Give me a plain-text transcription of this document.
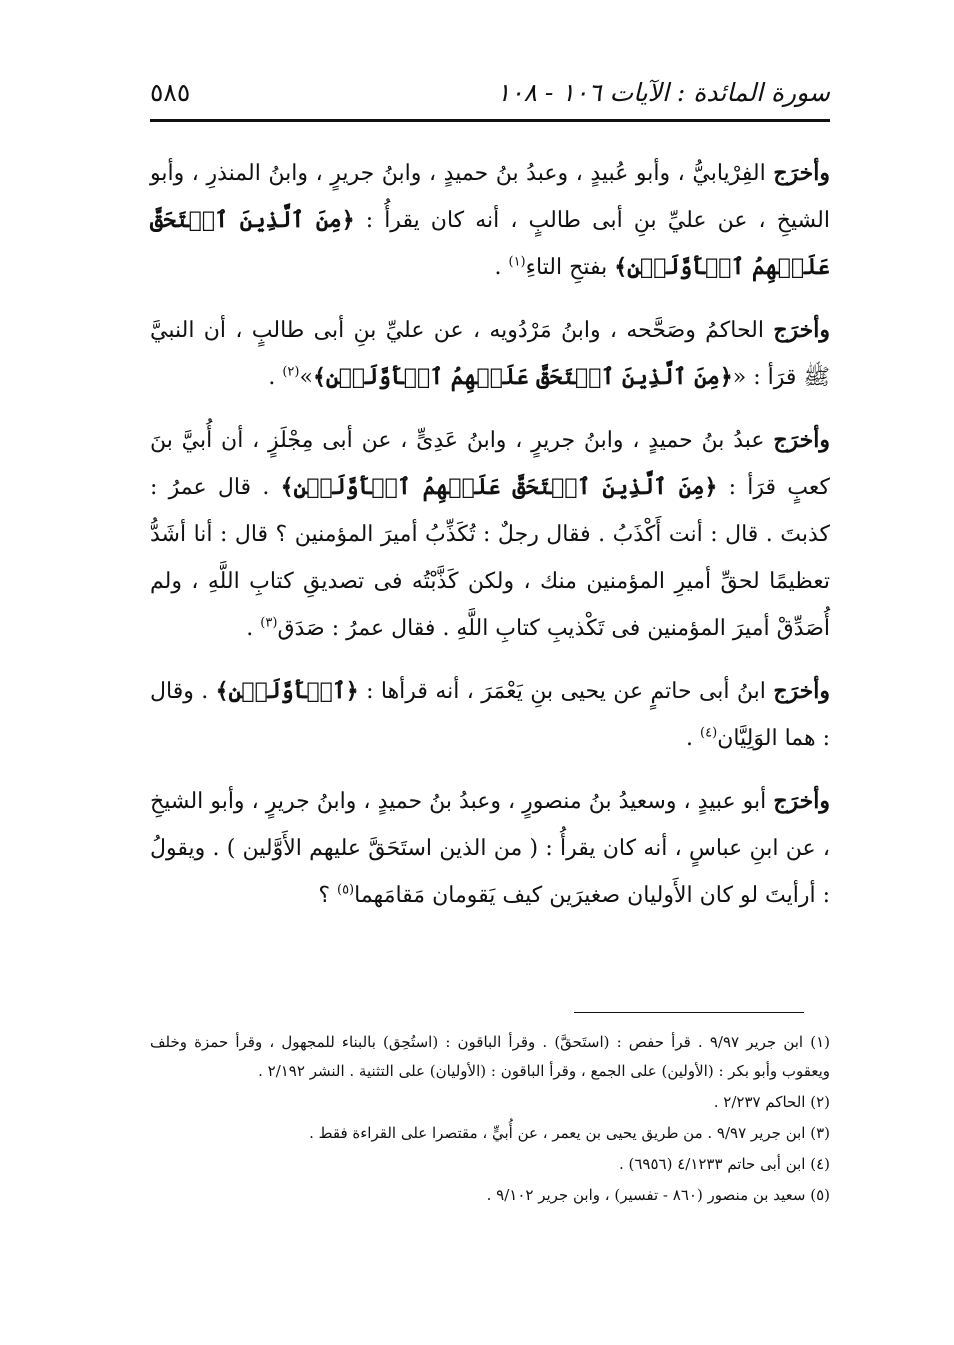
سورة المائدة : الآيات ١٠٦ - ١٠٨
٥٨٥

وأخرَج الفِرْيابيُّ ، وأبو عُبيدٍ ، وعبدُ بنُ حميدٍ ، وابنُ جريرٍ ، وابنُ المنذرِ ، وأبو الشيخِ ، عن عليِّ بنِ أبى طالبٍ ، أنه كان يقرأُ : ﴿مِنَ ٱلَّذِينَ ٱسۡتَحَقَّ عَلَيۡهِمُ ٱلۡأَوَّلَيۡنِ﴾ بفتحِ التاءِ$^{(١)}$ .

وأخرَج الحاكمُ وصَحَّحه ، وابنُ مَرْدُويه ، عن عليِّ بنِ أبى طالبٍ ، أن النبيَّ ﷺ قرَأ : «﴿مِنَ ٱلَّذِينَ ٱسۡتَحَقَّ عَلَيۡهِمُ ٱلۡأَوَّلَيۡنِ﴾»$^{(٢)}$ .

وأخرَج عبدُ بنُ حميدٍ ، وابنُ جريرٍ ، وابنُ عَدِىٍّ ، عن أبى مِجْلَزٍ ، أن أُبيَّ بنَ كعبٍ قرَأ : ﴿مِنَ ٱلَّذِينَ ٱسۡتَحَقَّ عَلَيۡهِمُ ٱلۡأَوَّلَيۡنِ﴾ . قال عمرُ : كذبتَ . قال : أنت أَكْذَبُ . فقال رجلٌ : تُكَذِّبُ أميرَ المؤمنين ؟ قال : أنا أشَدُّ تعظيمًا لحقِّ أميرِ المؤمنين منك ، ولكن كَذَّبْتُه فى تصديقِ كتابِ اللَّهِ ، ولم أُصَدِّقْ أميرَ المؤمنين فى تَكْذيبِ كتابِ اللَّهِ . فقال عمرُ : صَدَق$^{(٣)}$ .

وأخرَج ابنُ أبى حاتمٍ عن يحيى بنِ يَعْمَرَ ، أنه قرأها : ﴿ٱلۡأَوَّلَيۡنِ﴾ . وقال : هما الوَلِيَّان$^{(٤)}$ .

وأخرَج أبو عبيدٍ ، وسعيدُ بنُ منصورٍ ، وعبدُ بنُ حميدٍ ، وابنُ جريرٍ ، وأبو الشيخِ ، عن ابنِ عباسٍ ، أنه كان يقرأُ : ( من الذين استَحَقَّ عليهم الأَوَّلين ) . ويقولُ : أرأيتَ لو كان الأَوليان صغيرَين كيف يَقومان مَقامَهما$^{(٥)}$ ؟

(١) ابن جرير ٩/٩٧ . قرأ حفص : (استَحقَّ) . وقرأ الباقون : (استُحِق) بالبناء للمجهول ، وقرأ حمزة وخلف ويعقوب وأبو بكر : (الأولين) على الجمع ، وقرأ الباقون : (الأوليان) على التثنية . النشر ٢/١٩٢ .

(٢) الحاكم ٢/٢٣٧ .

(٣) ابن جرير ٩/٩٧ . من طريق يحيى بن يعمر ، عن أُبيٍّ ، مقتصرا على القراءة فقط .

(٤) ابن أبى حاتم ٤/١٢٣٣ (٦٩٥٦) .

(٥) سعيد بن منصور (٨٦٠ - تفسير) ، وابن جرير ٩/١٠٢ .
